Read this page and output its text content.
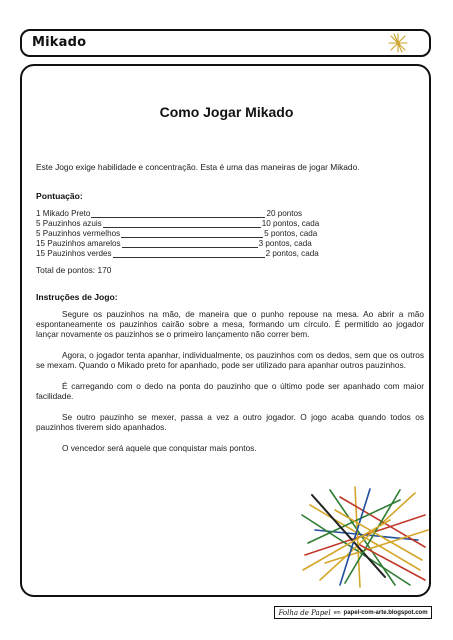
Mikado
Como Jogar Mikado
Este Jogo exige habilidade e concentração. Esta é uma das maneiras de jogar Mikado.
Pontuação:
1 Mikado Preto	20 pontos
5 Pauzinhos azuis	10 pontos, cada
5 Pauzinhos vermelhos	5 pontos, cada
15 Pauzinhos amarelos	3 pontos, cada
15 Pauzinhos verdes	2 pontos, cada
Total de pontos: 170
Instruções de Jogo:

Segure os pauzinhos na mão, de maneira que o punho repouse na mesa. Ao abrir a mão espontaneamente os pauzinhos cairão sobre a mesa, formando um círculo. É permitido ao jogador lançar novamente os pauzinhos se o primeiro lançamento não correr bem.

Agora, o jogador tenta apanhar, individualmente, os pauzinhos com os dedos, sem que os outros se mexam. Quando o Mikado preto for apanhado, pode ser utilizado para apanhar outros pauzinhos.

É carregando com o dedo na ponta do pauzinho que o último pode ser apanhado com maior facilidade.

Se outro pauzinho se mexer, passa a vez a outro jogador. O jogo acaba quando todos os pauzinhos tiverem sido apanhados.

O vencedor será aquele que conquistar mais pontos.

Folha de Papel em papel-com-arte.blogspot.com
